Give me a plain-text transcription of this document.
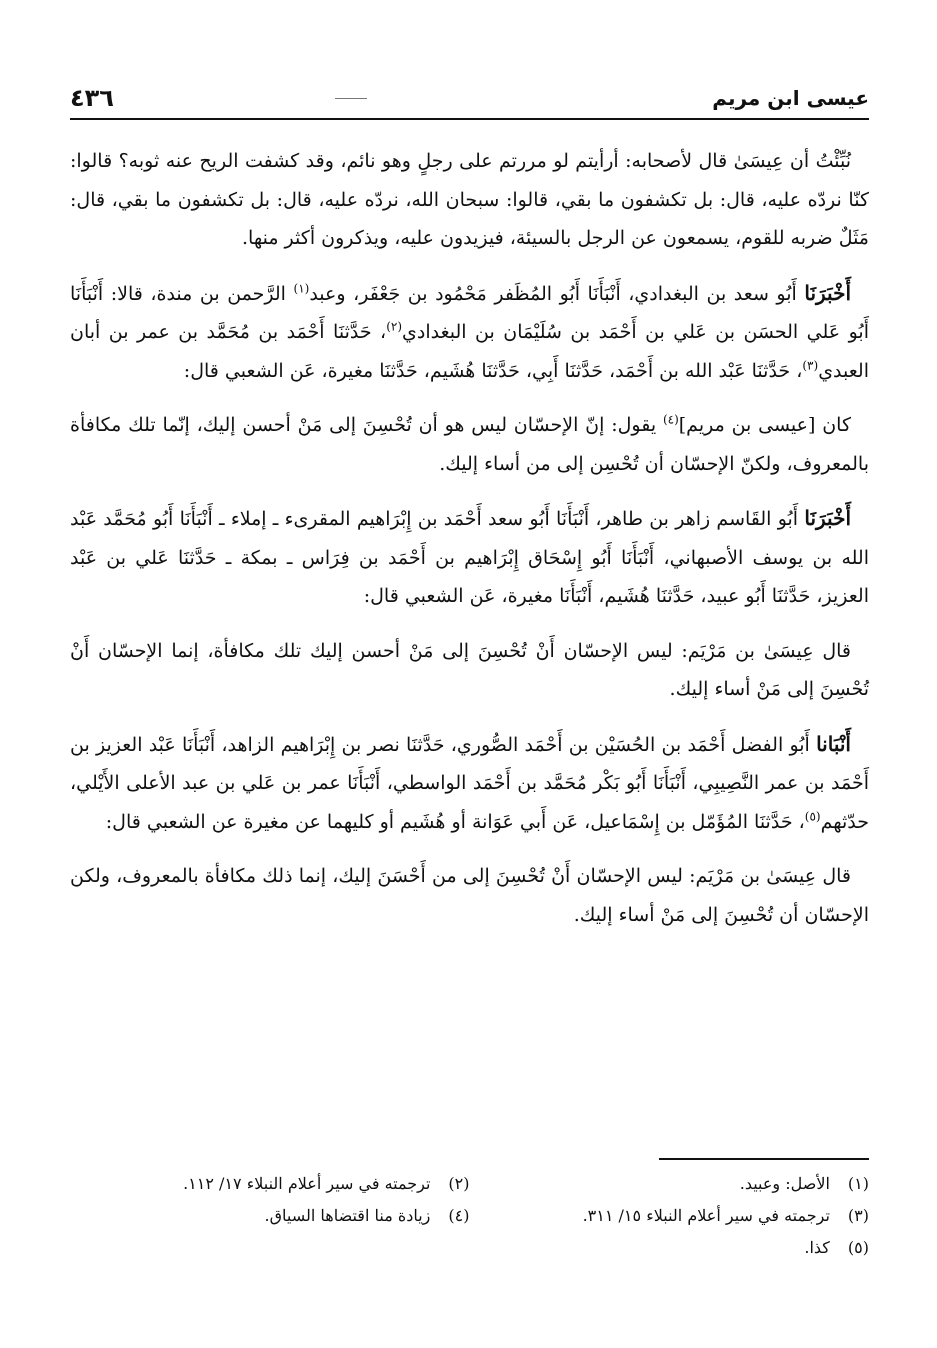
٤٣٦	عيسى ابن مريم

نُبِّئْتُ أن عِيسَىٰ قال لأصحابه: أرأيتم لو مررتم على رجلٍ وهو نائم، وقد كشفت الريح عنه ثوبه؟ قالوا: كنّا نردّه عليه، قال: بل تكشفون ما بقي، قالوا: سبحان الله، نردّه عليه، قال: بل تكشفون ما بقي، قال: مَثَلٌ ضربه للقوم، يسمعون عن الرجل بالسيئة، فيزيدون عليه، ويذكرون أكثر منها.

أَخْبَرَنَا أَبُو سعد بن البغدادي، أَنْبَأَنَا أَبُو المُظَفر مَحْمُود بن جَعْفَر، وعبد$^{(١)}$ الرَّحمن بن مندة، قالا: أَنْبَأَنَا أَبُو عَلي الحسَن بن عَلي بن أَحْمَد بن سُلَيْمَان بن البغدادي$^{(٢)}$، حَدَّثنَا أَحْمَد بن مُحَمَّد بن عمر بن أبان العبدي$^{(٣)}$، حَدَّثنَا عَبْد الله بن أَحْمَد، حَدَّثنَا أَبِي، حَدَّثنَا هُشَيم، حَدَّثنَا مغيرة، عَن الشعبي قال:

كان [عيسى بن مريم]$^{(٤)}$ يقول: إنّ الإحسّان ليس هو أن تُحْسِنَ إلى مَنْ أحسن إليك، إنّما تلك مكافأة بالمعروف، ولكنّ الإحسّان أن تُحْسِن إلى من أساء إليك.

أَخْبَرَنَا أَبُو القَاسم زاهر بن طاهر، أَنْبَأَنَا أَبُو سعد أَحْمَد بن إِبْرَاهيم المقرىء ـ إملاء ـ أَنْبَأَنَا أَبُو مُحَمَّد عَبْد الله بن يوسف الأصبهاني، أَنْبَأَنَا أَبُو إِسْحَاق إِبْرَاهيم بن أَحْمَد بن فِرَاس ـ بمكة ـ حَدَّثنَا عَلي بن عَبْد العزيز، حَدَّثنَا أَبُو عبيد، حَدَّثنَا هُشَيم، أَنْبَأَنَا مغيرة، عَن الشعبي قال:

قال عِيسَىٰ بن مَرْيَم: ليس الإحسّان أَنْ تُحْسِنَ إلى مَنْ أحسن إليك تلك مكافأة، إنما الإحسّان أَنْ تُحْسِنَ إلى مَنْ أساء إليك.

أَنْبَانا أَبُو الفضل أَحْمَد بن الحُسَيْن بن أَحْمَد الصُّوري، حَدَّثنَا نصر بن إِبْرَاهيم الزاهد، أَنْبَأَنَا عَبْد العزيز بن أَحْمَد بن عمر النَّصِيبِي، أَنْبَأَنَا أَبُو بَكْر مُحَمَّد بن أَحْمَد الواسطي، أَنْبَأَنَا عمر بن عَلي بن عبد الأعلى الأَيْلي، حدّثهم$^{(٥)}$، حَدَّثنَا المُؤَمّل بن إِسْمَاعيل، عَن أَبي عَوَانة أو هُشَيم أو كليهما عن مغيرة عن الشعبي قال:

قال عِيسَىٰ بن مَرْيَم: ليس الإحسّان أَنْ تُحْسِنَ إلى من أَحْسَنَ إليك، إنما ذلك مكافأة بالمعروف، ولكن الإحسّان أن تُحْسِنَ إلى مَنْ أساء إليك.

(١) الأصل: وعبيد.
(٢) ترجمته في سير أعلام النبلاء ١٧/ ١١٢.
(٣) ترجمته في سير أعلام النبلاء ١٥/ ٣١١.
(٤) زيادة منا اقتضاها السياق.
(٥) كذا.
